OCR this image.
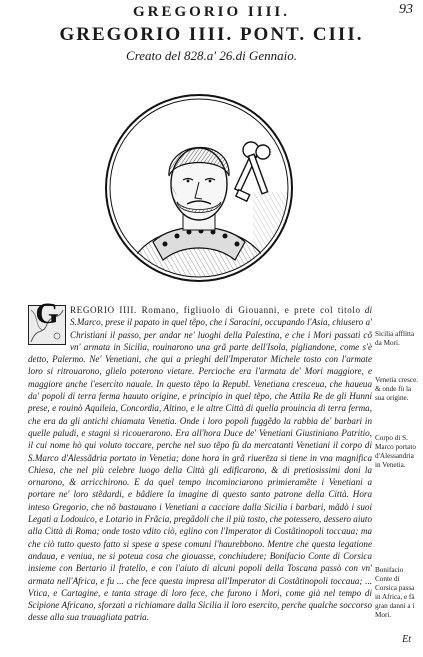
GREGORIO IIII.	93
GREGORIO IIII. PONT. CIII.
Creato del 828.a' 26.di Gennaio.
G	REGORIO IIII. Romano, figliuolo di Giouanni, e prete col titolo di S.Marco, prese il papato in quel tẽpo, che i Saracini, occupando l'Asia, chiusero a' Christiani il passo, per andar ne' luoghi della Palestina, e che i Mori passati cõ vn' armata in Sicilia, rouinarono una grã parte dell'Isola, pigliandone, come s'è detto, Palermo. Ne' Venetiani, che qui a prieghi dell'Imperator Michele tosto con l'armate loro si ritrouarono, glielo poterono vietare. Percioche era l'armata de' Mori maggiore, e maggiore anche l'esercito nauale. In questo tẽpo la Republ. Venetiana cresceua, che haueua da' popoli di terra ferma hauuto origine, e principio in quel tẽpo, che Attila Re de gli Hunni prese, e rouinò Aquileia, Concordia, Altino, e le altre Città di quella prouincia di terra ferma, che era da gli antichi chiamata Venetia. Onde i loro popoli fuggẽdo la rabbia de' barbari in quelle paludi, e stagni si ricouerarono. Era all'hora Duce de' Venetiani Giustiniano Patritio, il cui nome hò qui voluto toccare, perche nel suo tẽpo fù da mercatanti Venetiani il corpo di S.Marco d'Alessãdria portato in Venetia; done hora in grã riuerēza si tiene in vna magnifica Chiesa, che nel più celebre luogo della Città gli edificarono, & di pretiosissimi doni la ornarono, & arricchirono. E da quel tempo incominciarono primieramẽte i Venetiani a portare ne' loro stẽdardi, e bãdiere la imagine di questo santo patrone della Città. Hora inteso Gregorio, che nõ bastauano i Venetiani a cacciare dalla Sicilia i barbari, mãdò i suoi Legati a Lodouico, e Lotario in Frãcia, pregãdoli che il più tosto, che potessero, dessero aiuto alla Città di Roma; onde tosto vdito ciò, eglino con l'Imperator di Costãtinopoli toccaua; ma che ciò tutto questo fatto si spese a spese comuni l'haurebbono. Mentre che questa legatione andaua, e veniua, ne si poteua cosa che giouasse, conchiudere; Bonifacio Conte di Corsica insieme con Bertario il fratello, e con l'aiuto di alcuni popoli della Toscana passò con vn' armata nell'Africa, e fu ... che fece questa impresa all'Imperator di Costãtinopoli toccaua; ... Vtica, e Cartagine, e tanta strage di loro fece, che furono i Mori, come già nel tempo di Scipione Africano, sforzati a richiamare dalla Sicilia il loro esercito, perche qualche soccorso desse alla sua trauagliata patria.
Sicilia afflitta da Mori.
Venetia cresce. & onde fù la sua origine.
Corpo di S. Marco portato d'Alessandria in Venetia.
Bonifacio Conte di Corsica passa in Africa, e fà gran danni a i Mori.
Et
